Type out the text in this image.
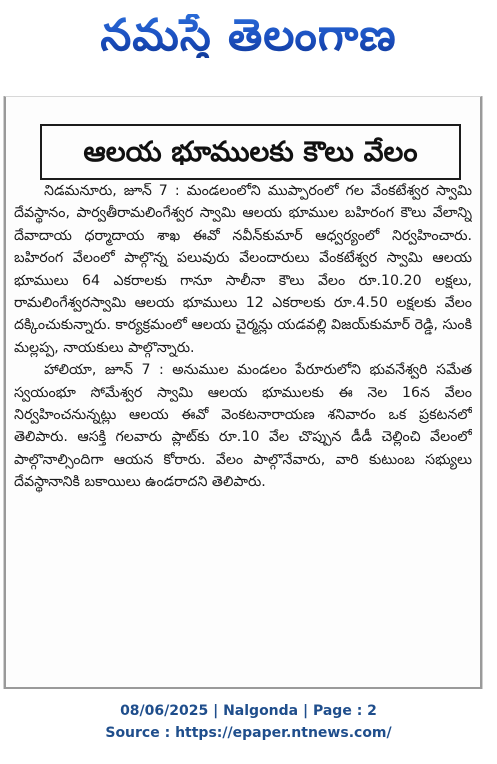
నమస్తే తెలంగాణ
ఆలయ భూములకు కౌలు వేలం

నిడమనూరు, జూన్ 7 : మండలంలోని ముప్పారంలో గల వేంకటేశ్వర స్వామి దేవస్థానం, పార్వతీరామలింగేశ్వర స్వామి ఆలయ భూముల బహిరంగ కౌలు వేలాన్ని దేవాదాయ ధర్మాదాయ శాఖ ఈవో నవీన్‌కుమార్ ఆధ్వర్యంలో నిర్వహించారు. బహిరంగ వేలంలో పాల్గొన్న పలువురు వేలందారులు వేంకటేశ్వర స్వామి ఆలయ భూములు 64 ఎకరాలకు గానూ సాలీనా కౌలు వేలం రూ.10.20 లక్షలు, రామలింగేశ్వరస్వామి ఆలయ భూములు 12 ఎకరాలకు రూ.4.50 లక్షలకు వేలం దక్కించుకున్నారు. కార్యక్రమంలో ఆలయ చైర్మన్లు యడవల్లి విజయ్‌కుమార్ రెడ్డి, సుంకి మల్లప్ప, నాయకులు పాల్గొన్నారు.

హాలియా, జూన్ 7 : అనుముల మండలం పేరూరులోని భువనేశ్వరి సమేత స్వయంభూ సోమేశ్వర స్వామి ఆలయ భూములకు ఈ నెల 16న వేలం నిర్వహించనున్నట్లు ఆలయ ఈవో వెంకటనారాయణ శనివారం ఒక ప్రకటనలో తెలిపారు. ఆసక్తి గలవారు ప్లాట్‌కు రూ.10 వేల చొప్పున డీడీ చెల్లించి వేలంలో పాల్గొనాల్సిందిగా ఆయన కోరారు. వేలం పాల్గొనేవారు, వారి కుటుంబ సభ్యులు దేవస్థానానికి బకాయిలు ఉండరాదని తెలిపారు.

08/06/2025 | Nalgonda | Page : 2
Source : https://epaper.ntnews.com/
